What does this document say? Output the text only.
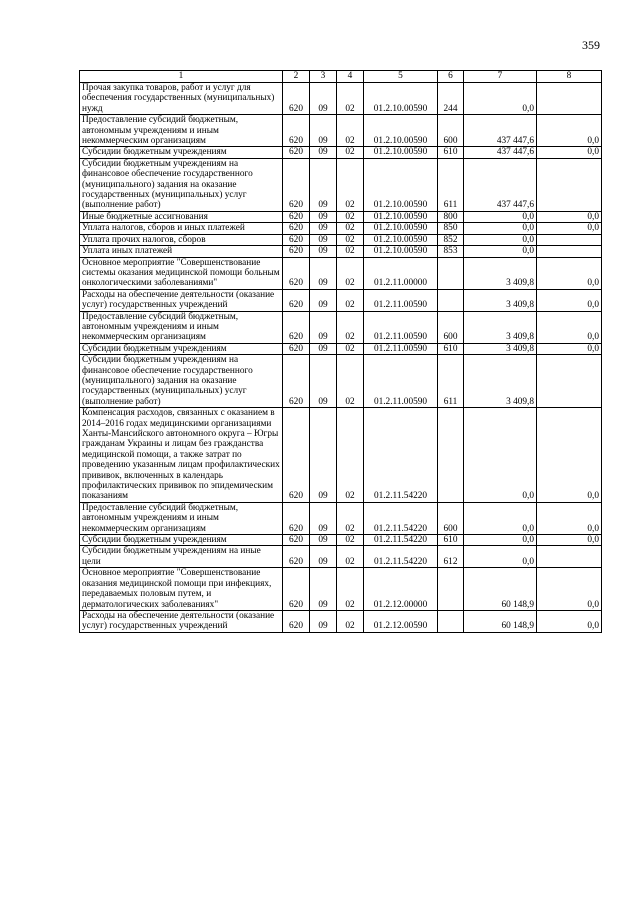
359
1	2	3	4	5	6	7	8
Прочая закупка товаров, работ и услуг для обеспечения государственных (муниципальных) нужд	620	09	02	01.2.10.00590	244	0,0	
Предоставление субсидий бюджетным, автономным учреждениям и иным некоммерческим организациям	620	09	02	01.2.10.00590	600	437 447,6	0,0
Субсидии бюджетным учреждениям	620	09	02	01.2.10.00590	610	437 447,6	0,0
Субсидии бюджетным учреждениям на финансовое обеспечение государственного (муниципального) задания на оказание государственных (муниципальных) услуг (выполнение работ)	620	09	02	01.2.10.00590	611	437 447,6	
Иные бюджетные ассигнования	620	09	02	01.2.10.00590	800	0,0	0,0
Уплата налогов, сборов и иных платежей	620	09	02	01.2.10.00590	850	0,0	0,0
Уплата прочих налогов, сборов	620	09	02	01.2.10.00590	852	0,0	
Уплата иных платежей	620	09	02	01.2.10.00590	853	0,0	
Основное мероприятие "Совершенствование системы оказания медицинской помощи больным онкологическими заболеваниями"	620	09	02	01.2.11.00000		3 409,8	0,0
Расходы на обеспечение деятельности (оказание услуг) государственных учреждений	620	09	02	01.2.11.00590		3 409,8	0,0
Предоставление субсидий бюджетным, автономным учреждениям и иным некоммерческим организациям	620	09	02	01.2.11.00590	600	3 409,8	0,0
Субсидии бюджетным учреждениям	620	09	02	01.2.11.00590	610	3 409,8	0,0
Субсидии бюджетным учреждениям на финансовое обеспечение государственного (муниципального) задания на оказание государственных (муниципальных) услуг (выполнение работ)	620	09	02	01.2.11.00590	611	3 409,8	
Компенсация расходов, связанных с оказанием в 2014–2016 годах медицинскими организациями Ханты-Мансийского автономного округа – Югры гражданам Украины и лицам без гражданства медицинской помощи, а также затрат по проведению указанным лицам профилактических прививок, включенных в календарь профилактических прививок по эпидемическим показаниям	620	09	02	01.2.11.54220		0,0	0,0
Предоставление субсидий бюджетным, автономным учреждениям и иным некоммерческим организациям	620	09	02	01.2.11.54220	600	0,0	0,0
Субсидии бюджетным учреждениям	620	09	02	01.2.11.54220	610	0,0	0,0
Субсидии бюджетным учреждениям на иные цели	620	09	02	01.2.11.54220	612	0,0	
Основное мероприятие "Совершенствование оказания медицинской помощи при инфекциях, передаваемых половым путем, и дерматологических заболеваниях"	620	09	02	01.2.12.00000		60 148,9	0,0
Расходы на обеспечение деятельности (оказание услуг) государственных учреждений	620	09	02	01.2.12.00590		60 148,9	0,0
